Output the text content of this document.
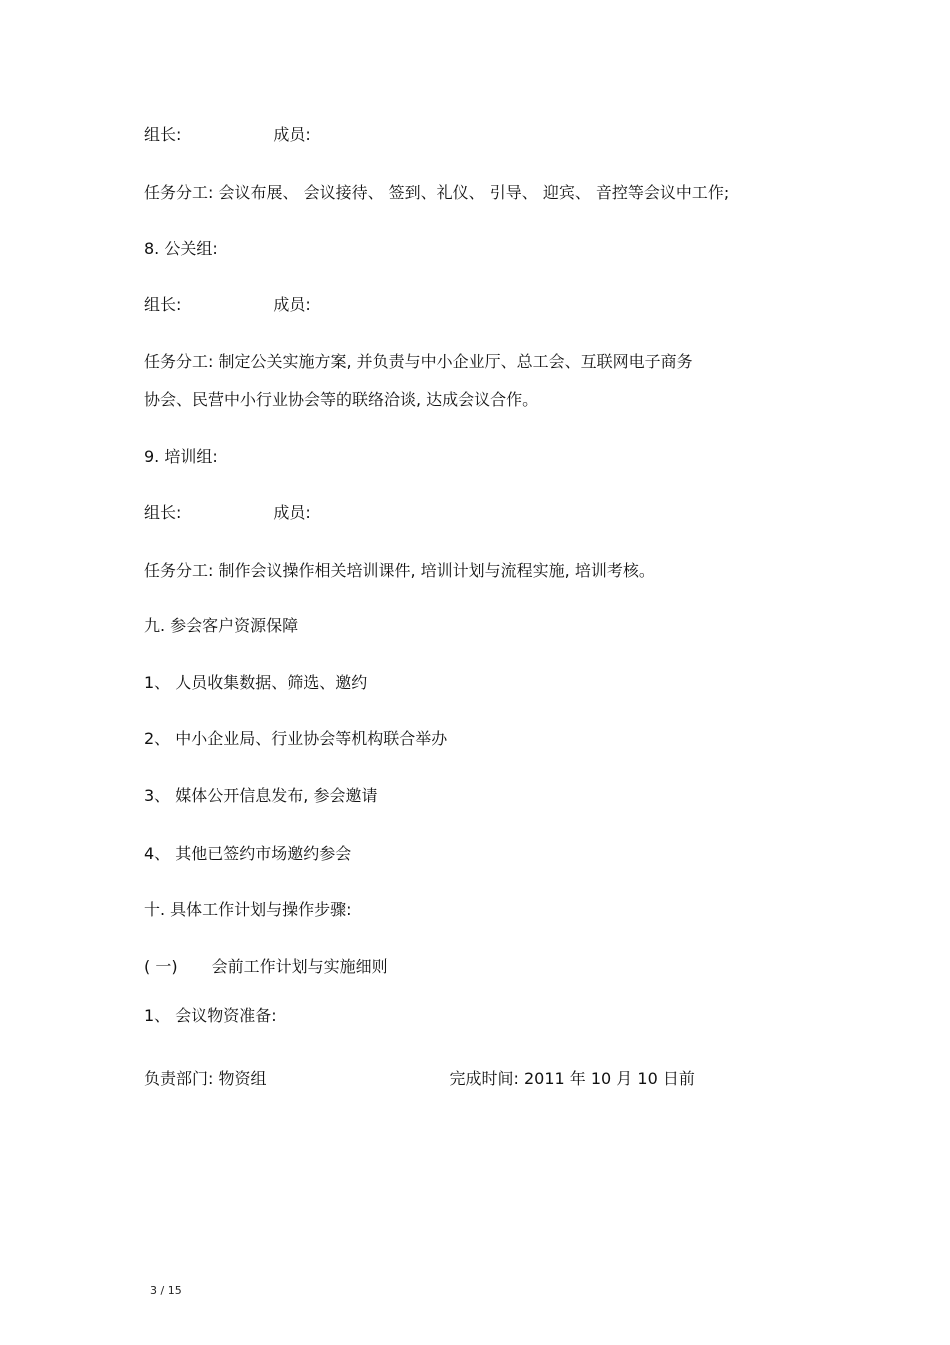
组长:	成员:
任务分工: 会议布展、 会议接待、 签到、礼仪、 引导、 迎宾、 音控等会议中工作;
8. 公关组:
组长:	成员:
任务分工: 制定公关实施方案, 并负责与中小企业厅、总工会、互联网电子商务
协会、民营中小行业协会等的联络洽谈, 达成会议合作。
9. 培训组:
组长:	成员:
任务分工: 制作会议操作相关培训课件, 培训计划与流程实施, 培训考核。
九. 参会客户资源保障
1、 人员收集数据、筛选、邀约
2、 中小企业局、行业协会等机构联合举办
3、 媒体公开信息发布, 参会邀请
4、 其他已签约市场邀约参会
十. 具体工作计划与操作步骤:
( 一) 会前工作计划与实施细则
1、 会议物资准备:
负责部门: 物资组	完成时间: 2011 年 10 月 10 日前
3 / 15
